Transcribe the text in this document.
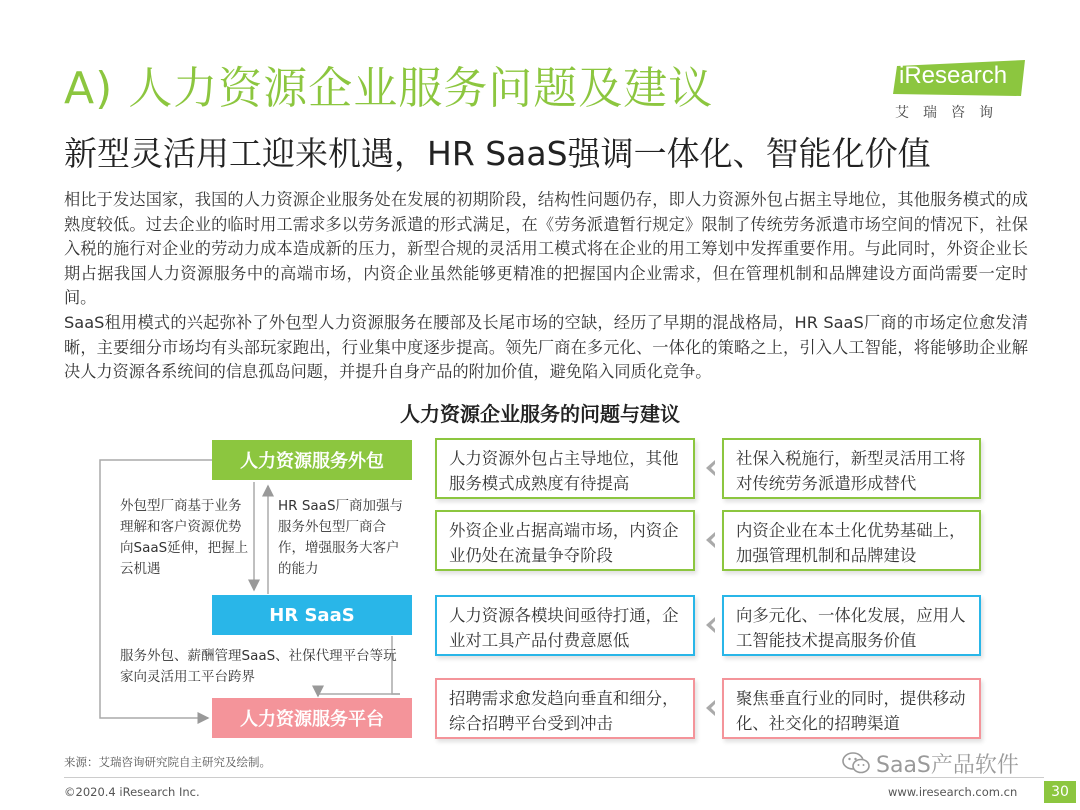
A) 人力资源企业服务问题及建议
新型灵活用工迎来机遇，HR SaaS强调一体化、智能化价值
iResearch
艾瑞咨询

相比于发达国家，我国的人力资源企业服务处在发展的初期阶段，结构性问题仍存，即人力资源外包占据主导地位，其他服务模式的成熟度较低。过去企业的临时用工需求多以劳务派遣的形式满足，在《劳务派遣暂行规定》限制了传统劳务派遣市场空间的情况下，社保入税的施行对企业的劳动力成本造成新的压力，新型合规的灵活用工模式将在企业的用工筹划中发挥重要作用。与此同时，外资企业长期占据我国人力资源服务中的高端市场，内资企业虽然能够更精准的把握国内企业需求，但在管理机制和品牌建设方面尚需要一定时间。

SaaS租用模式的兴起弥补了外包型人力资源服务在腰部及长尾市场的空缺，经历了早期的混战格局，HR SaaS厂商的市场定位愈发清晰，主要细分市场均有头部玩家跑出，行业集中度逐步提高。领先厂商在多元化、一体化的策略之上，引入人工智能，将能够助企业解决人力资源各系统间的信息孤岛问题，并提升自身产品的附加价值，避免陷入同质化竞争。

人力资源企业服务的问题与建议
人力资源服务外包
HR SaaS
人力资源服务平台
外包型厂商基于业务理解和客户资源优势向SaaS延伸，把握上云机遇
HR SaaS厂商加强与服务外包型厂商合作，增强服务大客户的能力
服务外包、薪酬管理SaaS、社保代理平台等玩家向灵活用工平台跨界
人力资源外包占主导地位，其他服务模式成熟度有待提高
外资企业占据高端市场，内资企业仍处在流量争夺阶段
人力资源各模块间亟待打通，企业对工具产品付费意愿低
招聘需求愈发趋向垂直和细分，综合招聘平台受到冲击
社保入税施行，新型灵活用工将对传统劳务派遣形成替代
内资企业在本土化优势基础上，加强管理机制和品牌建设
向多元化、一体化发展，应用人工智能技术提高服务价值
聚焦垂直行业的同时，提供移动化、社交化的招聘渠道
来源：艾瑞咨询研究院自主研究及绘制。
©2020.4 iResearch Inc.	www.iresearch.com.cn	30
SaaS产品软件
